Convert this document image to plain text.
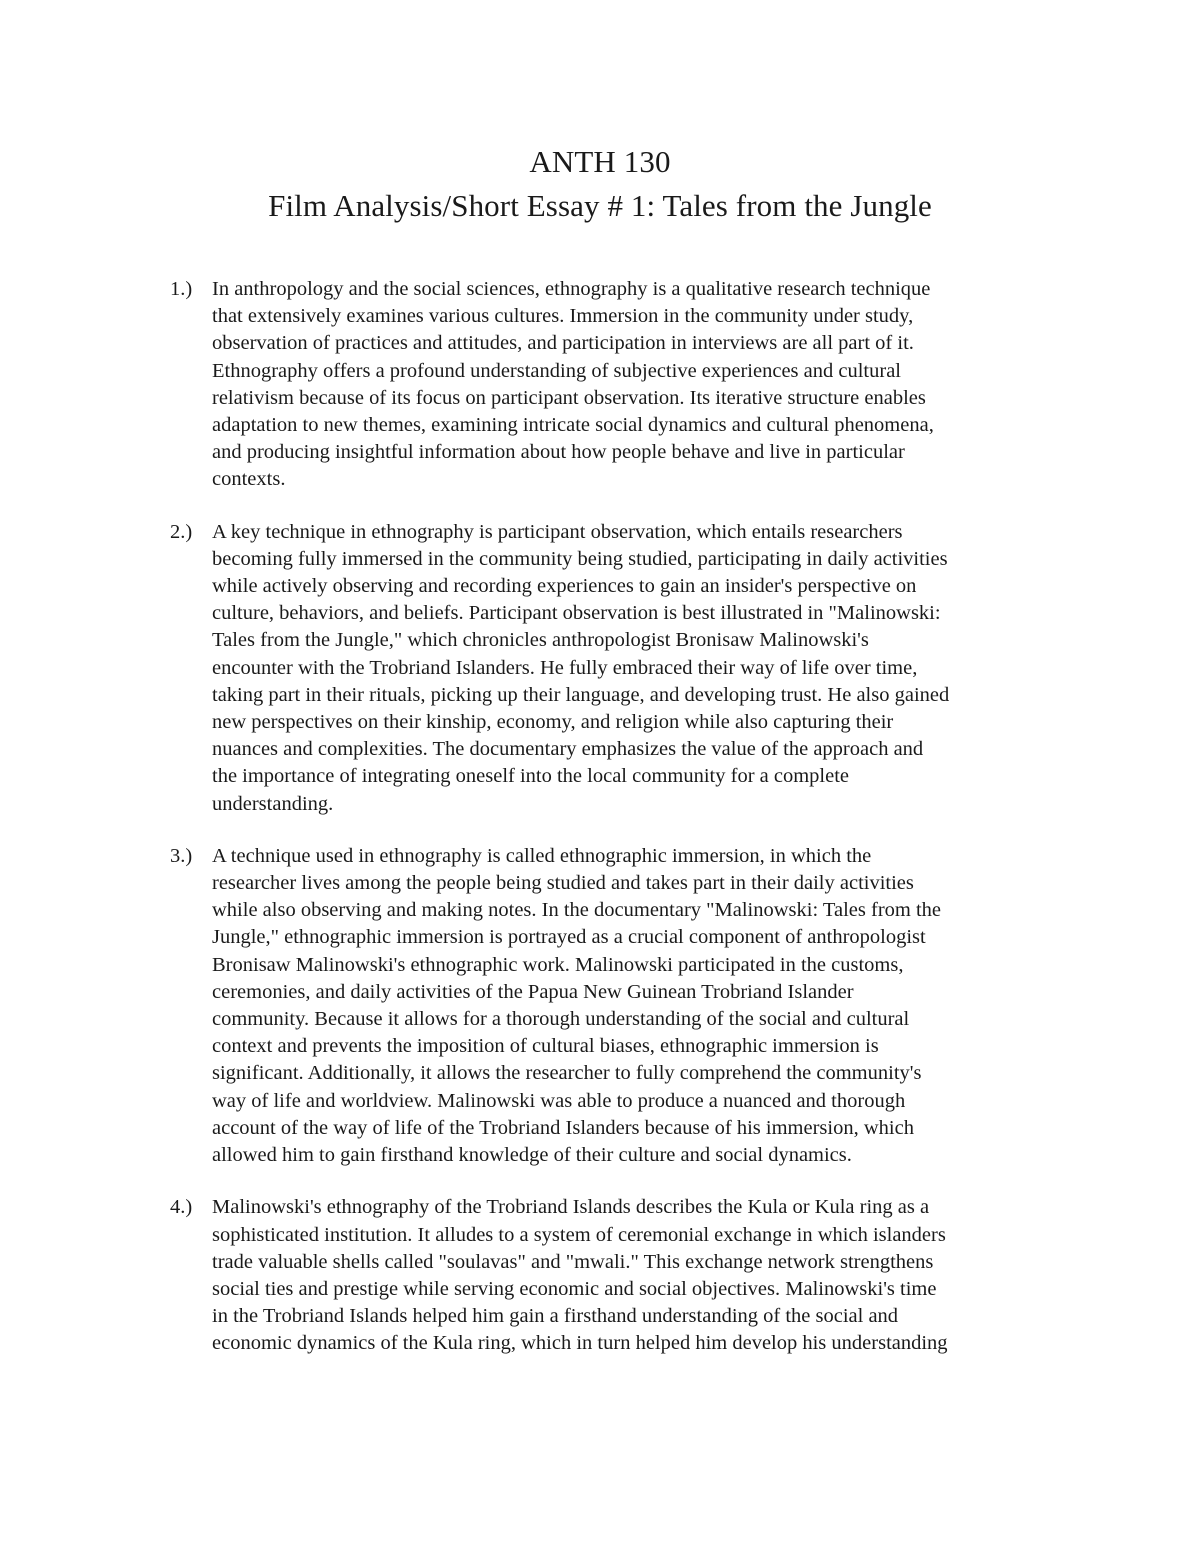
ANTH 130
Film Analysis/Short Essay # 1: Tales from the Jungle
1.) In anthropology and the social sciences, ethnography is a qualitative research technique
that extensively examines various cultures. Immersion in the community under study,
observation of practices and attitudes, and participation in interviews are all part of it.
Ethnography offers a profound understanding of subjective experiences and cultural
relativism because of its focus on participant observation. Its iterative structure enables
adaptation to new themes, examining intricate social dynamics and cultural phenomena,
and producing insightful information about how people behave and live in particular
contexts.
2.) A key technique in ethnography is participant observation, which entails researchers
becoming fully immersed in the community being studied, participating in daily activities
while actively observing and recording experiences to gain an insider's perspective on
culture, behaviors, and beliefs. Participant observation is best illustrated in "Malinowski:
Tales from the Jungle," which chronicles anthropologist Bronisaw Malinowski's
encounter with the Trobriand Islanders. He fully embraced their way of life over time,
taking part in their rituals, picking up their language, and developing trust. He also gained
new perspectives on their kinship, economy, and religion while also capturing their
nuances and complexities. The documentary emphasizes the value of the approach and
the importance of integrating oneself into the local community for a complete
understanding.
3.) A technique used in ethnography is called ethnographic immersion, in which the
researcher lives among the people being studied and takes part in their daily activities
while also observing and making notes. In the documentary "Malinowski: Tales from the
Jungle," ethnographic immersion is portrayed as a crucial component of anthropologist
Bronisaw Malinowski's ethnographic work. Malinowski participated in the customs,
ceremonies, and daily activities of the Papua New Guinean Trobriand Islander
community. Because it allows for a thorough understanding of the social and cultural
context and prevents the imposition of cultural biases, ethnographic immersion is
significant. Additionally, it allows the researcher to fully comprehend the community's
way of life and worldview. Malinowski was able to produce a nuanced and thorough
account of the way of life of the Trobriand Islanders because of his immersion, which
allowed him to gain firsthand knowledge of their culture and social dynamics.
4.) Malinowski's ethnography of the Trobriand Islands describes the Kula or Kula ring as a
sophisticated institution. It alludes to a system of ceremonial exchange in which islanders
trade valuable shells called "soulavas" and "mwali." This exchange network strengthens
social ties and prestige while serving economic and social objectives. Malinowski's time
in the Trobriand Islands helped him gain a firsthand understanding of the social and
economic dynamics of the Kula ring, which in turn helped him develop his understanding
